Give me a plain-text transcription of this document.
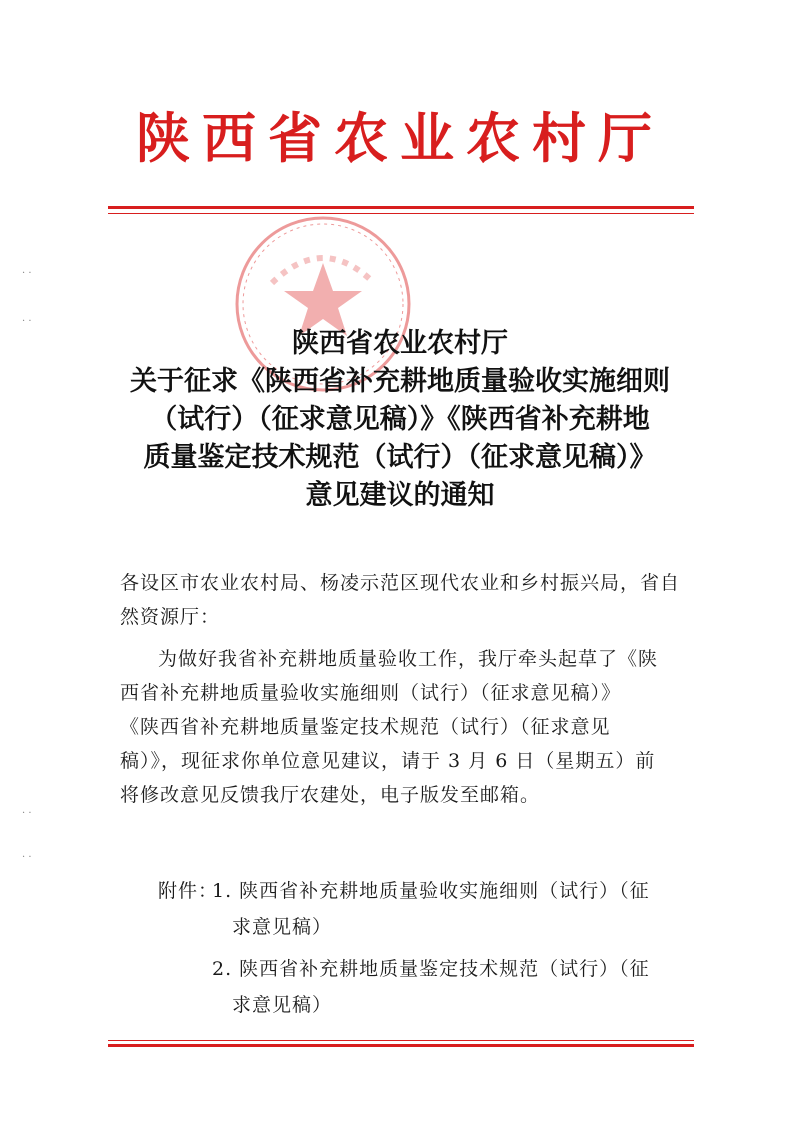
陕西省农业农村厅
陕西省农业农村厅
关于征求《陕西省补充耕地质量验收实施细则
（试行）（征求意见稿）》《陕西省补充耕地
质量鉴定技术规范（试行）（征求意见稿）》
意见建议的通知
各设区市农业农村局、杨凌示范区现代农业和乡村振兴局，省自
然资源厅：
为做好我省补充耕地质量验收工作，我厅牵头起草了《陕
西省补充耕地质量验收实施细则（试行）（征求意见稿）》
《陕西省补充耕地质量鉴定技术规范（试行）（征求意见
稿）》，现征求你单位意见建议，请于 3 月 6 日（星期五）前
将修改意见反馈我厅农建处，电子版发至邮箱。
附件：
1. 陕西省补充耕地质量验收实施细则（试行）（征
求意见稿）
2. 陕西省补充耕地质量鉴定技术规范（试行）（征
求意见稿）
· ·
· ·
· ·
· ·
